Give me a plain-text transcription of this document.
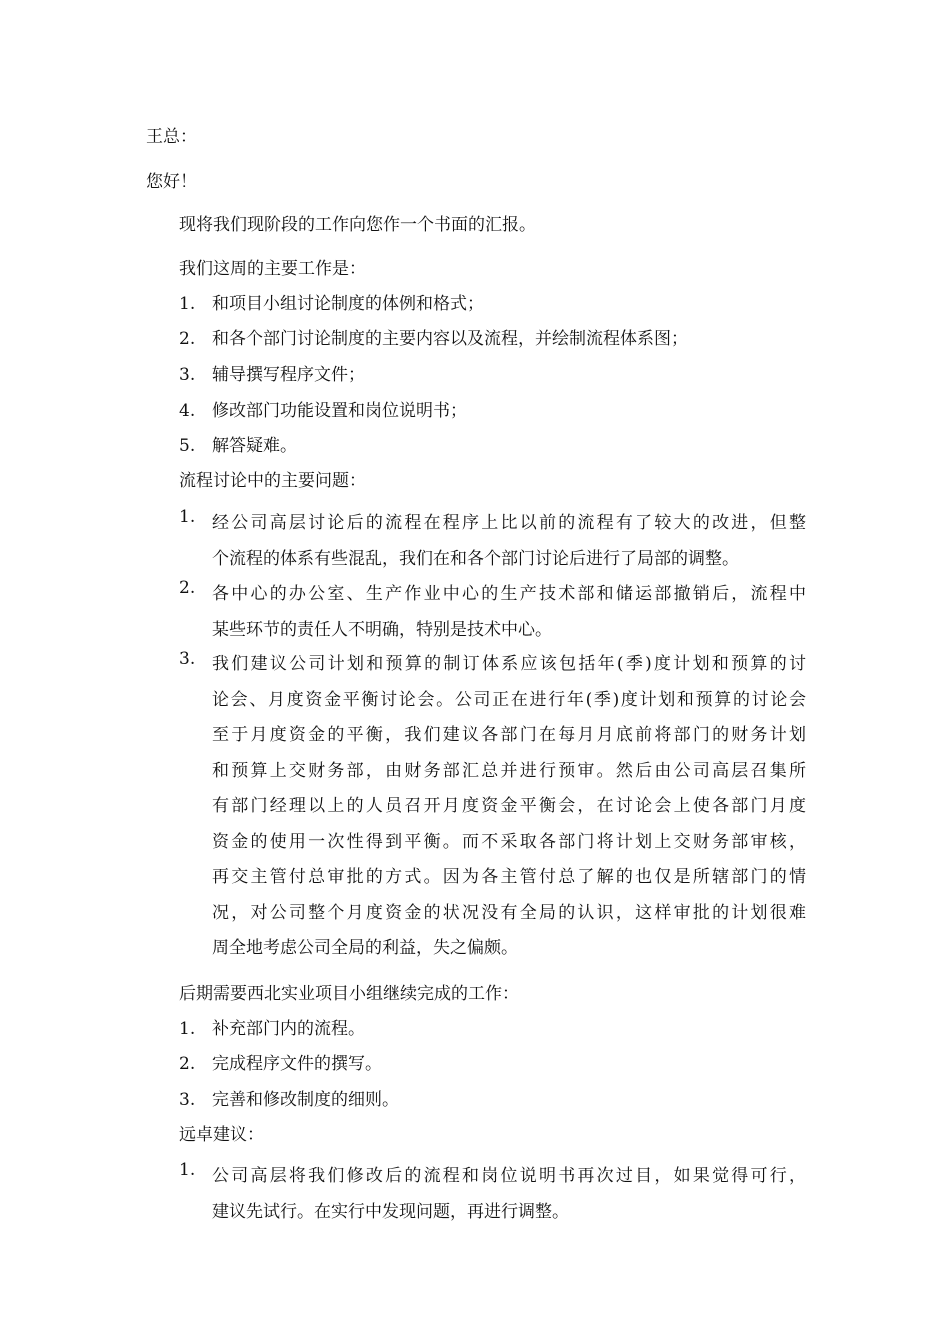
王总：
您好！
现将我们现阶段的工作向您作一个书面的汇报。
我们这周的主要工作是：
1. 和项目小组讨论制度的体例和格式；
2. 和各个部门讨论制度的主要内容以及流程，并绘制流程体系图；
3. 辅导撰写程序文件；
4. 修改部门功能设置和岗位说明书；
5. 解答疑难。
流程讨论中的主要问题：
1. 经公司高层讨论后的流程在程序上比以前的流程有了较大的改进，但整
个流程的体系有些混乱，我们在和各个部门讨论后进行了局部的调整。
2. 各中心的办公室、生产作业中心的生产技术部和储运部撤销后，流程中
某些环节的责任人不明确，特别是技术中心。
3. 我们建议公司计划和预算的制订体系应该包括年(季)度计划和预算的讨
论会、月度资金平衡讨论会。公司正在进行年(季)度计划和预算的讨论会
至于月度资金的平衡，我们建议各部门在每月月底前将部门的财务计划
和预算上交财务部，由财务部汇总并进行预审。然后由公司高层召集所
有部门经理以上的人员召开月度资金平衡会，在讨论会上使各部门月度
资金的使用一次性得到平衡。而不采取各部门将计划上交财务部审核，
再交主管付总审批的方式。因为各主管付总了解的也仅是所辖部门的情
况，对公司整个月度资金的状况没有全局的认识，这样审批的计划很难
周全地考虑公司全局的利益，失之偏颇。
后期需要西北实业项目小组继续完成的工作：
1. 补充部门内的流程。
2. 完成程序文件的撰写。
3. 完善和修改制度的细则。
远卓建议：
1. 公司高层将我们修改后的流程和岗位说明书再次过目，如果觉得可行，
建议先试行。在实行中发现问题，再进行调整。
